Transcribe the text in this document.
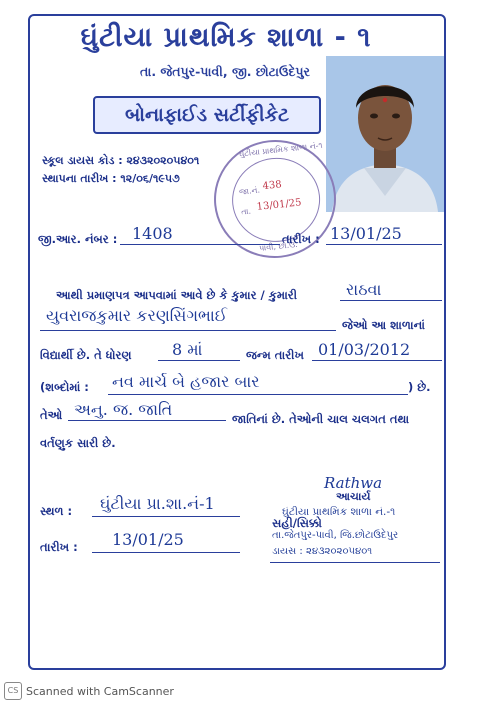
ઘુંટીયા પ્રાથમિક શાળા - ૧
તા. જેતપુર-પાવી, જી. છોટાઉદેપુર
બોનાફાઈડ સર્ટીફીકેટ
સ્કૂલ ડાયસ કોડ : ૨૪૩૨૦૨૦૫૪૦૧
સ્થાપના તારીખ : ૧૨/૦૬/૧૯૫૭
ઘુંટીયા પ્રાથમિક શાળા નં-૧
પાવી, છો.ઉ.
જા.નં. 438
તા. 13/01/25
જી.આર. નંબર : 1408	તારીખ : 13/01/25
આથી પ્રમાણપત્ર આપવામાં આવે છે કે કુમાર / કુમારી	રાઠવા
યુવરાજકુમાર કરણસિંગભાઈ	જેઓ આ શાળાનાં
વિદ્યાર્થી છે. તે ધોરણ	8 માં	જન્મ તારીખ 01/03/2012
(શબ્દોમાં : નવ માર્ચ બે હજાર બાર	) છે.
તેઓ અનુ. જ. જાતિ	જાતિનાં છે. તેઓની ચાલ ચલગત તથા
વર્તણુક સારી છે.
સ્થળ : ઘુંટીયા પ્રા.શા.નં-1
તારીખ : 13/01/25
Rathwa
આચાર્ય
ઘુંટીયા પ્રાથમિક શાળા નં.-૧
સહી/સિક્કો
તા.જેતપુર-પાવી, જિ.છોટાઉદેપુર
ડાયસ : ૨૪૩૨૦૨૦૫૪૦૧
CS Scanned with CamScanner
